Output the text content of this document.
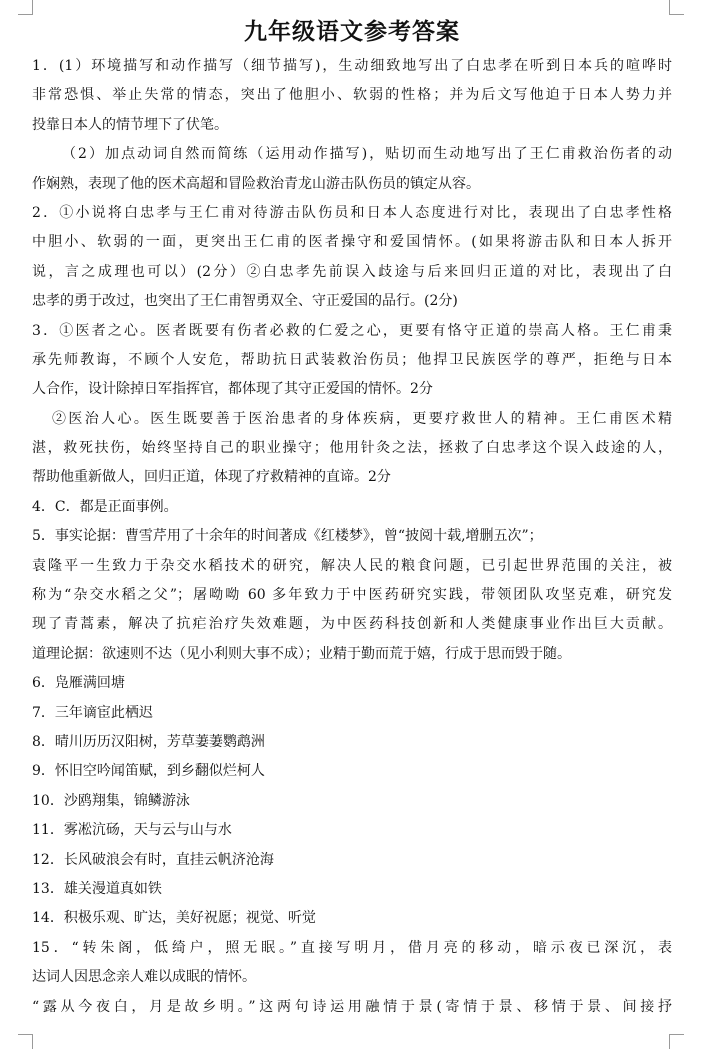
九年级语文参考答案
1．(1）环境描写和动作描写（细节描写)，生动细致地写出了白忠孝在听到日本兵的喧哗时
非常恐惧、举止失常的情态，突出了他胆小、软弱的性格；并为后文写他迫于日本人势力并
投靠日本人的情节埋下了伏笔。
（2）加点动词自然而简练（运用动作描写)，贴切而生动地写出了王仁甫救治伤者的动
作娴熟，表现了他的医术高超和冒险救治青龙山游击队伤员的镇定从容。
2．①小说将白忠孝与王仁甫对待游击队伤员和日本人态度进行对比，表现出了白忠孝性格
中胆小、软弱的一面，更突出王仁甫的医者操守和爱国情怀。(如果将游击队和日本人拆开
说，言之成理也可以）(2分）②白忠孝先前误入歧途与后来回归正道的对比，表现出了白
忠孝的勇于改过，也突出了王仁甫智勇双全、守正爱国的品行。(2分)
3．①医者之心。医者既要有伤者必救的仁爱之心，更要有恪守正道的崇高人格。王仁甫秉
承先师教诲，不顾个人安危，帮助抗日武装救治伤员；他捍卫民族医学的尊严，拒绝与日本
人合作，设计除掉日军指挥官，都体现了其守正爱国的情怀。2分
②医治人心。医生既要善于医治患者的身体疾病，更要疗救世人的精神。王仁甫医术精
湛，救死扶伤，始终坚持自己的职业操守；他用针灸之法，拯救了白忠孝这个误入歧途的人，
帮助他重新做人，回归正道，体现了疗救精神的直谛。2分
4．C．都是正面事例。
5．事实论据：曹雪芹用了十余年的时间著成《红楼梦》，曾“披阅十载,增删五次”；
袁隆平一生致力于杂交水稻技术的研究，解决人民的粮食问题，已引起世界范围的关注，被
称为“杂交水稻之父”；屠呦呦 60 多年致力于中医药研究实践，带领团队攻坚克难，研究发
现了青蒿素，解决了抗疟治疗失效难题，为中医药科技创新和人类健康事业作出巨大贡献。
道理论据：欲速则不达（见小利则大事不成）；业精于勤而荒于嬉，行成于思而毁于随。
6．凫雁满回塘
7．三年谪宦此栖迟
8．晴川历历汉阳树，芳草萋萋鹦鹉洲
9．怀旧空吟闻笛赋，到乡翻似烂柯人
10．沙鸥翔集，锦鳞游泳
11．雾凇沆砀，天与云与山与水
12．长风破浪会有时，直挂云帆济沧海
13．雄关漫道真如铁
14．积极乐观、旷达，美好祝愿；视觉、听觉
15．“转朱阁，低绮户，照无眠。”直接写明月，借月亮的移动，暗示夜已深沉，表
达词人因思念亲人难以成眠的情怀。
“露从今夜白，月是故乡明。”这两句诗运用融情于景(寄情于景、移情于景、间接抒
